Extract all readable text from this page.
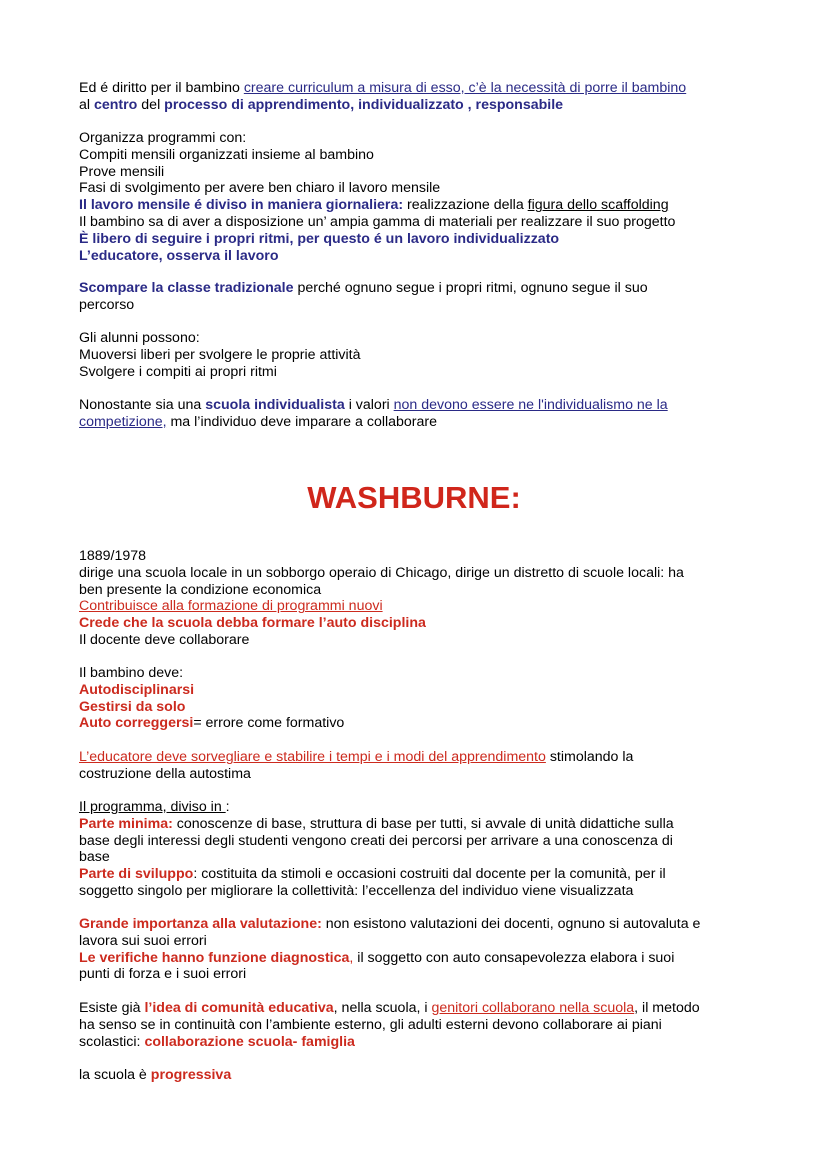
Ed é diritto per il bambino creare curriculum a misura di esso, c’è la necessità di porre il bambino
al centro del processo di apprendimento, individualizzato , responsabile
Organizza programmi con:
Compiti mensili organizzati insieme al bambino
Prove mensili
Fasi di svolgimento per avere ben chiaro il lavoro mensile
Il lavoro mensile é diviso in maniera giornaliera: realizzazione della figura dello scaffolding
Il bambino sa di aver a disposizione un’ ampia gamma di materiali per realizzare il suo progetto
È libero di seguire i propri ritmi, per questo é un lavoro individualizzato
L’educatore, osserva il lavoro
Scompare la classe tradizionale perché ognuno segue i propri ritmi, ognuno segue il suo
percorso
Gli alunni possono:
Muoversi liberi per svolgere le proprie attività
Svolgere i compiti ai propri ritmi
Nonostante sia una scuola individualista i valori non devono essere ne l'individualismo ne la
competizione, ma l’individuo deve imparare a collaborare
WASHBURNE:
1889/1978
dirige una scuola locale in un sobborgo operaio di Chicago, dirige un distretto di scuole locali: ha
ben presente la condizione economica
Contribuisce alla formazione di programmi nuovi
Crede che la scuola debba formare l’auto disciplina
Il docente deve collaborare
Il bambino deve:
Autodisciplinarsi
Gestirsi da solo
Auto correggersi= errore come formativo
L’educatore deve sorvegliare e stabilire i tempi e i modi del apprendimento stimolando la
costruzione della autostima
Il programma, diviso in :
Parte minima: conoscenze di base, struttura di base per tutti, si avvale di unità didattiche sulla
base degli interessi degli studenti vengono creati dei percorsi per arrivare a una conoscenza di
base
Parte di sviluppo: costituita da stimoli e occasioni costruiti dal docente per la comunità, per il
soggetto singolo per migliorare la collettività: l’eccellenza del individuo viene visualizzata
Grande importanza alla valutazione: non esistono valutazioni dei docenti, ognuno si autovaluta e
lavora sui suoi errori
Le verifiche hanno funzione diagnostica, il soggetto con auto consapevolezza elabora i suoi
punti di forza e i suoi errori
Esiste già l’idea di comunità educativa, nella scuola, i genitori collaborano nella scuola, il metodo
ha senso se in continuità con l’ambiente esterno, gli adulti esterni devono collaborare ai piani
scolastici: collaborazione scuola- famiglia
la scuola è progressiva
